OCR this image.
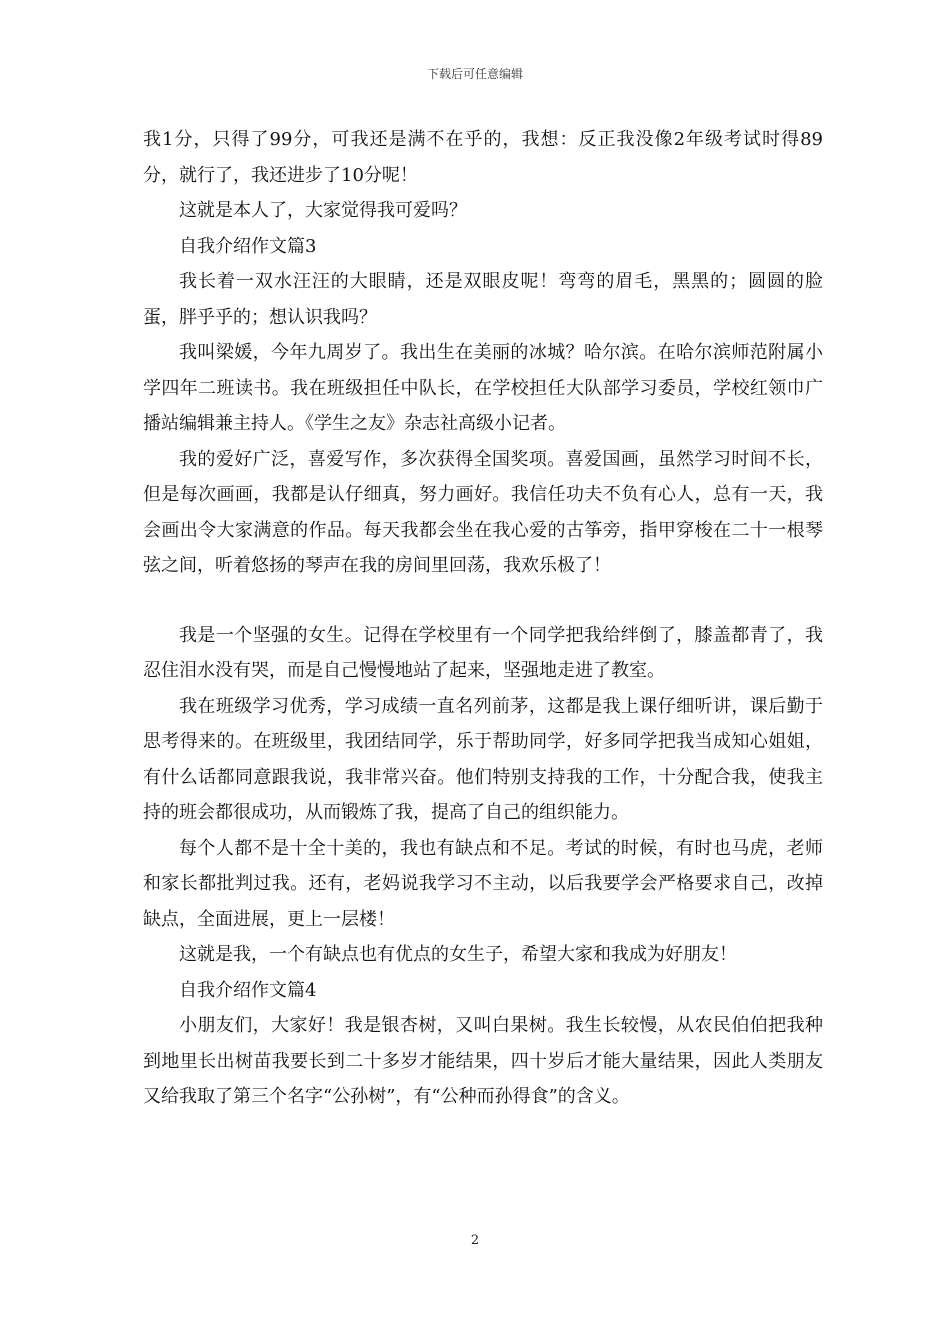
下载后可任意编辑

我1分，只得了99分，可我还是满不在乎的，我想：反正我没像2年级考试时得89分，就行了，我还进步了10分呢！

这就是本人了，大家觉得我可爱吗？

自我介绍作文篇3

我长着一双水汪汪的大眼睛，还是双眼皮呢！弯弯的眉毛，黑黑的；圆圆的脸蛋，胖乎乎的；想认识我吗？

我叫梁媛，今年九周岁了。我出生在美丽的冰城？哈尔滨。在哈尔滨师范附属小学四年二班读书。我在班级担任中队长，在学校担任大队部学习委员，学校红领巾广播站编辑兼主持人。《学生之友》杂志社高级小记者。

我的爱好广泛，喜爱写作，多次获得全国奖项。喜爱国画，虽然学习时间不长，但是每次画画，我都是认仔细真，努力画好。我信任功夫不负有心人，总有一天，我会画出令大家满意的作品。每天我都会坐在我心爱的古筝旁，指甲穿梭在二十一根琴弦之间，听着悠扬的琴声在我的房间里回荡，我欢乐极了！

我是一个坚强的女生。记得在学校里有一个同学把我给绊倒了，膝盖都青了，我忍住泪水没有哭，而是自己慢慢地站了起来，坚强地走进了教室。

我在班级学习优秀，学习成绩一直名列前茅，这都是我上课仔细听讲，课后勤于思考得来的。在班级里，我团结同学，乐于帮助同学，好多同学把我当成知心姐姐，有什么话都同意跟我说，我非常兴奋。他们特别支持我的工作，十分配合我，使我主持的班会都很成功，从而锻炼了我，提高了自己的组织能力。

每个人都不是十全十美的，我也有缺点和不足。考试的时候，有时也马虎，老师和家长都批判过我。还有，老妈说我学习不主动，以后我要学会严格要求自己，改掉缺点，全面进展，更上一层楼！

这就是我，一个有缺点也有优点的女生子，希望大家和我成为好朋友！

自我介绍作文篇4

小朋友们，大家好！我是银杏树，又叫白果树。我生长较慢，从农民伯伯把我种到地里长出树苗我要长到二十多岁才能结果，四十岁后才能大量结果，因此人类朋友又给我取了第三个名字“公孙树”，有“公种而孙得食”的含义。

2
